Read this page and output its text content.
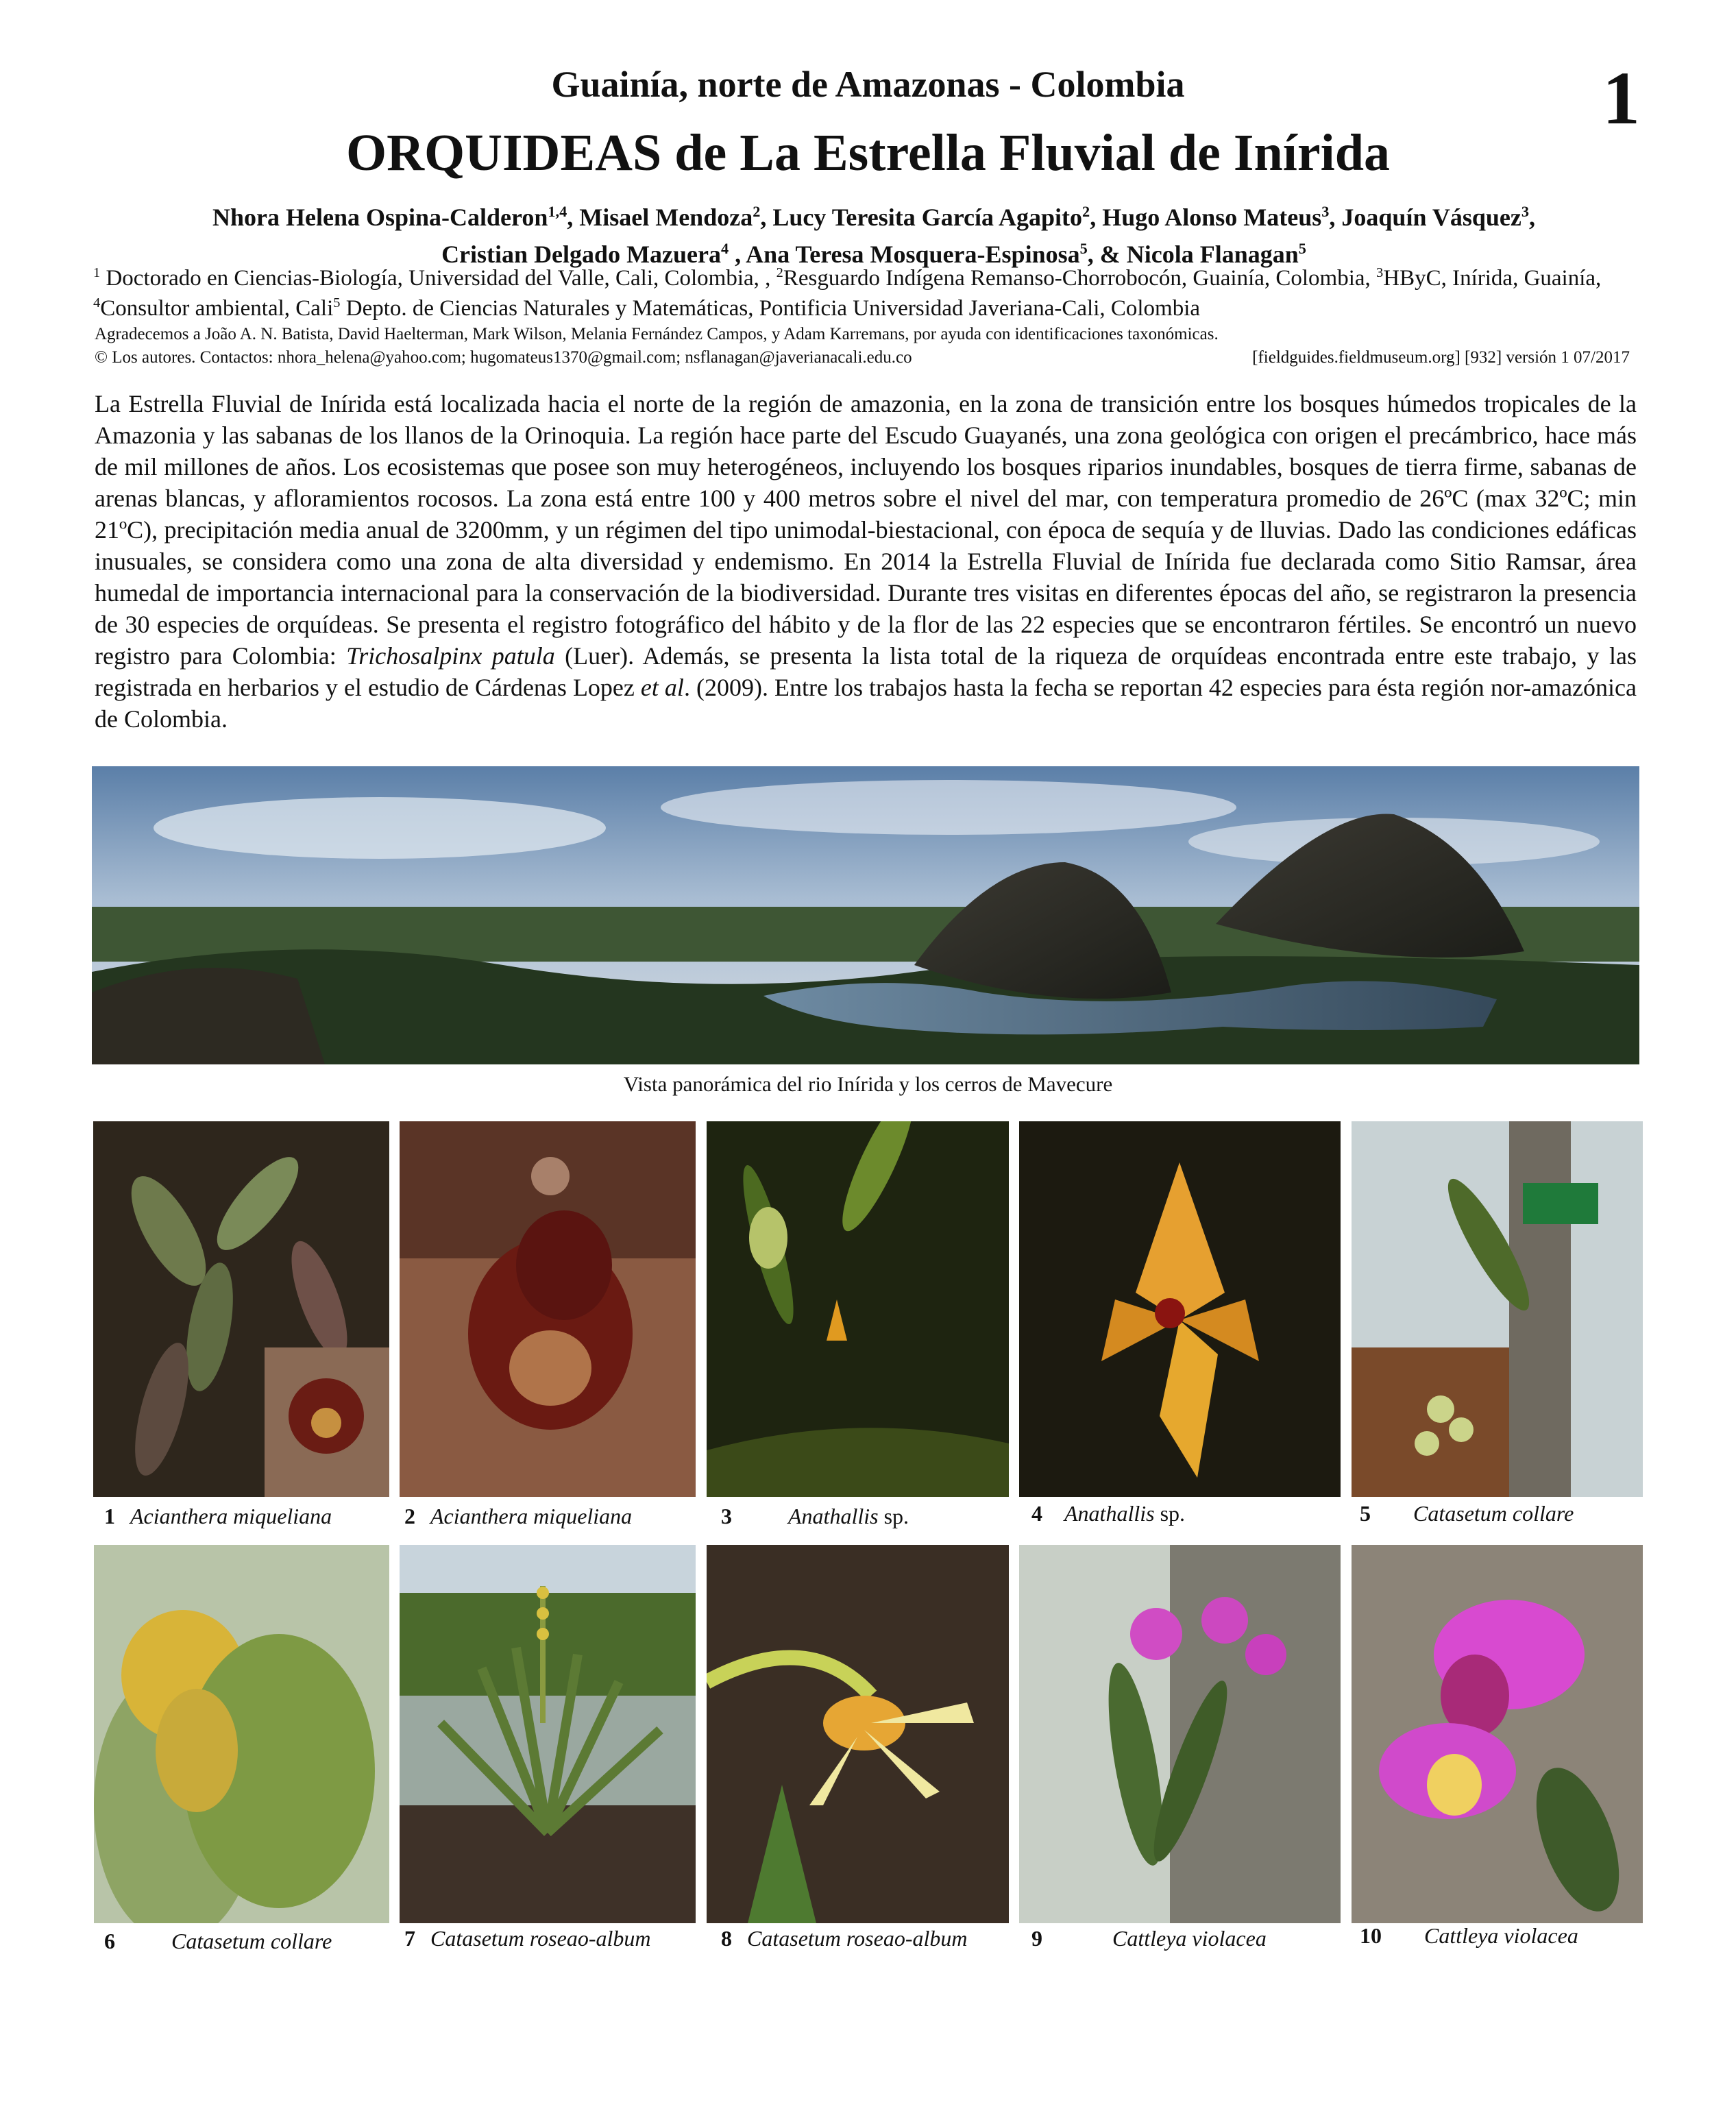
Guainía, norte de Amazonas - Colombia
ORQUIDEAS de La Estrella Fluvial de Inírida
1
Nhora Helena Ospina-Calderon$^{1,4}$, Misael Mendoza$^2$, Lucy Teresita García Agapito$^2$, Hugo Alonso Mateus$^3$, Joaquín Vásquez$^3$,
Cristian Delgado Mazuera$^4$ , Ana Teresa Mosquera-Espinosa$^5$, & Nicola Flanagan$^5$
$^1$ Doctorado en Ciencias-Biología, Universidad del Valle, Cali, Colombia, , $^2$Resguardo Indígena Remanso-Chorrobocón, Guainía, Colombia, $^3$HByC, Inírida, Guainía, $^4$Consultor ambiental, Cali$^5$ Depto. de Ciencias Naturales y Matemáticas, Pontificia Universidad Javeriana-Cali, Colombia
Agradecemos a João A. N. Batista, David Haelterman, Mark Wilson, Melania Fernández Campos, y Adam Karremans, por ayuda con identificaciones taxonómicas.
© Los autores. Contactos: nhora_helena@yahoo.com; hugomateus1370@gmail.com; nsflanagan@javerianacali.edu.co	[fieldguides.fieldmuseum.org] [932] versión 1 07/2017
La Estrella Fluvial de Inírida está localizada hacia el norte de la región de amazonia, en la zona de transición entre los bosques húmedos tropicales de la Amazonia y las sabanas de los llanos de la Orinoquia. La región hace parte del Escudo Guayanés, una zona geológica con origen el precámbrico, hace más de mil millones de años. Los ecosistemas que posee son muy heterogéneos, incluyendo los bosques riparios inundables, bosques de tierra firme, sabanas de arenas blancas, y afloramientos rocosos. La zona está entre 100 y 400 metros sobre el nivel del mar, con temperatura promedio de 26ºC (max 32ºC; min 21ºC), precipitación media anual de 3200mm, y un régimen del tipo unimodal-biestacional, con época de sequía y de lluvias. Dado las condiciones edáficas inusuales, se considera como una zona de alta diversidad y endemismo. En 2014 la Estrella Fluvial de Inírida fue declarada como Sitio Ramsar, área humedal de importancia internacional para la conservación de la biodiversidad. Durante tres visitas en diferentes épocas del año, se registraron la presencia de 30 especies de orquídeas. Se presenta el registro fotográfico del hábito y de la flor de las 22 especies que se encontraron fértiles. Se encontró un nuevo registro para Colombia: Trichosalpinx patula (Luer). Además, se presenta la lista total de la riqueza de orquídeas encontrada entre este trabajo, y las registrada en herbarios y el estudio de Cárdenas Lopez et al. (2009). Entre los trabajos hasta la fecha se reportan 42 especies para ésta región nor-amazónica de Colombia.
Vista panorámica del rio Inírida y los cerros de Mavecure
1 Acianthera miqueliana	2 Acianthera miqueliana	3	Anathallis sp.	4 Anathallis sp.	5 Catasetum collare
6	Catasetum collare	7 Catasetum roseao-album	8 Catasetum roseao-album	9	Cattleya violacea	10 Cattleya violacea
